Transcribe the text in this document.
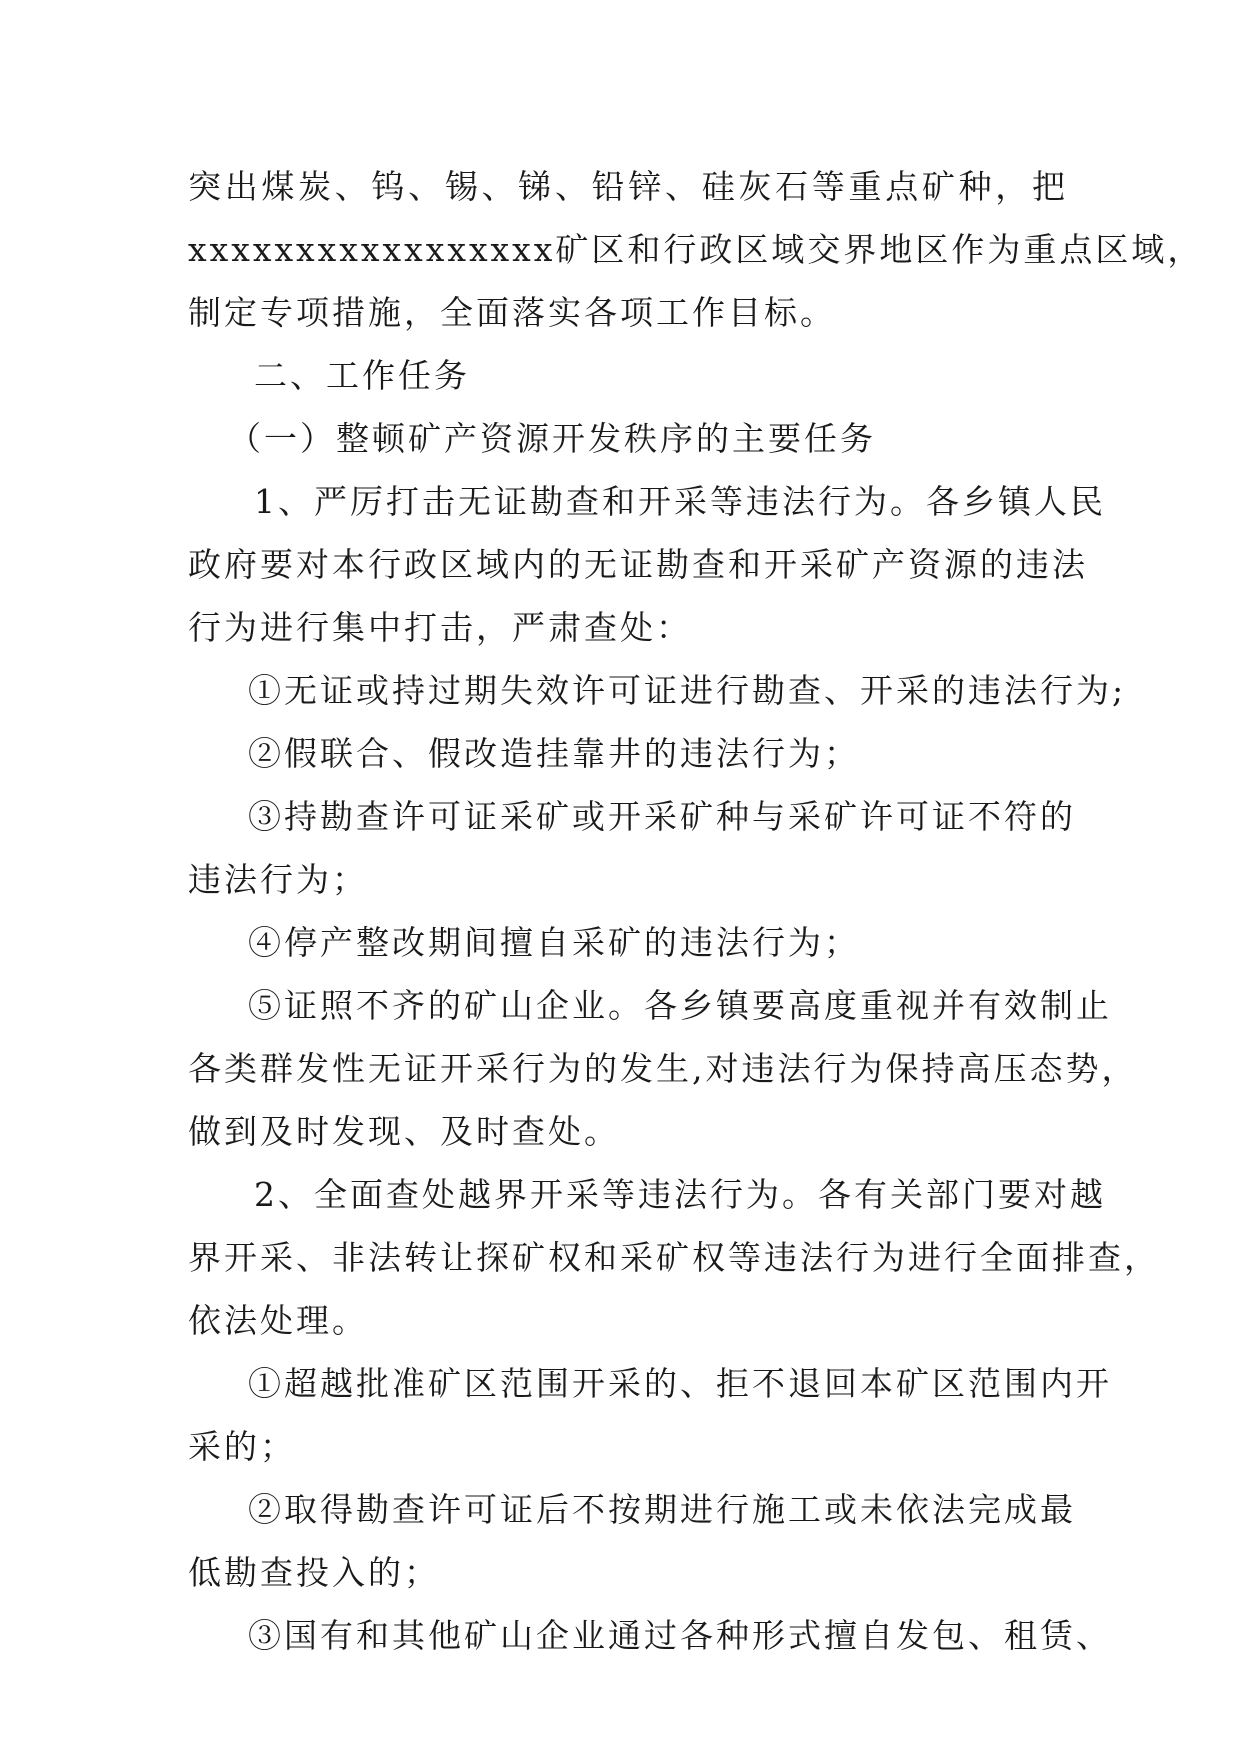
突出煤炭、钨、锡、锑、铅锌、硅灰石等重点矿种，把
xxxxxxxxxxxxxxxxx矿区和行政区域交界地区作为重点区域，
制定专项措施，全面落实各项工作目标。
二、工作任务
（一）整顿矿产资源开发秩序的主要任务
1、严厉打击无证勘查和开采等违法行为。各乡镇人民
政府要对本行政区域内的无证勘查和开采矿产资源的违法
行为进行集中打击，严肃查处：
①无证或持过期失效许可证进行勘查、开采的违法行为;
②假联合、假改造挂靠井的违法行为；
③持勘查许可证采矿或开采矿种与采矿许可证不符的
违法行为；
④停产整改期间擅自采矿的违法行为；
⑤证照不齐的矿山企业。各乡镇要高度重视并有效制止
各类群发性无证开采行为的发生,对违法行为保持高压态势，
做到及时发现、及时查处。
2、全面查处越界开采等违法行为。各有关部门要对越
界开采、非法转让探矿权和采矿权等违法行为进行全面排查，
依法处理。
①超越批准矿区范围开采的、拒不退回本矿区范围内开
采的；
②取得勘查许可证后不按期进行施工或未依法完成最
低勘查投入的；
③国有和其他矿山企业通过各种形式擅自发包、租赁、
